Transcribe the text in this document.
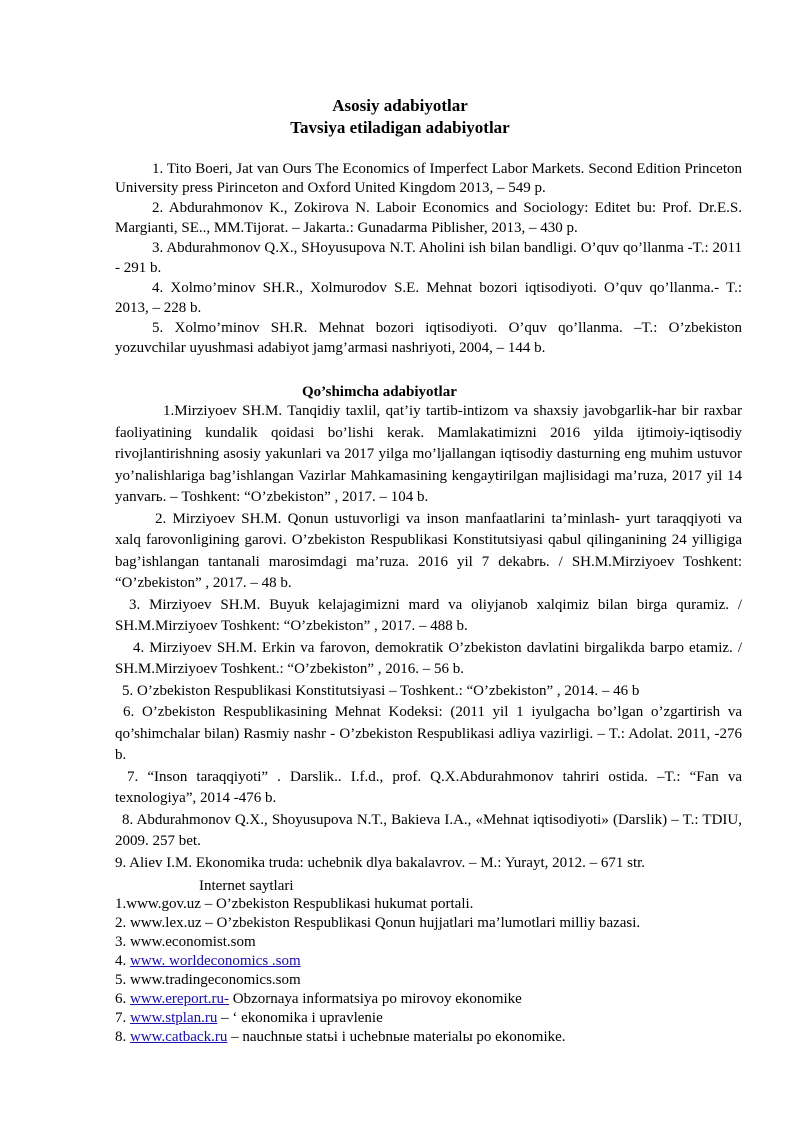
Asosiy adabiyotlar
Tavsiya etiladigan adabiyotlar

1. Tito Boeri, Jat van Ours The Economics of Imperfect Labor Markets. Second Edition Princeton University press Pirinceton and Oxford United Kingdom 2013, – 549 p.

2. Abdurahmonov K., Zokirova N. Laboir Economics and Sociology: Editet bu: Prof. Dr.E.S. Margianti, SE.., MM.Tijorat. – Jakarta.: Gunadarma Piblisher, 2013, – 430 p.

3. Abdurahmonov Q.X., SHoyusupova N.T. Aholini ish bilan bandligi. O’quv qo’llanma -T.: 2011 - 291 b.

4. Xolmo’minov SH.R., Xolmurodov S.E. Mehnat bozori iqtisodiyoti. O’quv qo’llanma.- T.: 2013, – 228 b.

5. Xolmo’minov SH.R. Mehnat bozori iqtisodiyoti. O’quv qo’llanma. –T.: O’zbekiston yozuvchilar uyushmasi adabiyot jamg’armasi nashriyoti, 2004, – 144 b.

Qo’shimcha adabiyotlar

1.Mirziyoev SH.M. Tanqidiy taxlil, qat’iy tartib-intizom va shaxsiy javobgarlik-har bir raxbar faoliyatining kundalik qoidasi bo’lishi kerak. Mamlakatimizni 2016 yilda ijtimoiy-iqtisodiy rivojlantirishning asosiy yakunlari va 2017 yilga mo’ljallangan iqtisodiy dasturning eng muhim ustuvor yo’nalishlariga bag’ishlangan Vazirlar Mahkamasining kengaytirilgan majlisidagi ma’ruza, 2017 yil 14 yanvarь. – Toshkent: “O’zbekiston” , 2017. – 104 b.

2. Mirziyoev SH.M. Qonun ustuvorligi va inson manfaatlarini ta’minlash- yurt taraqqiyoti va xalq farovonligining garovi. O’zbekiston Respublikasi Konstitutsiyasi qabul qilinganining 24 yilligiga bag’ishlangan tantanali marosimdagi ma’ruza. 2016 yil 7 dekabrь. / SH.M.Mirziyoev Toshkent: “O’zbekiston” , 2017. – 48 b.

3. Mirziyoev SH.M. Buyuk kelajagimizni mard va oliyjanob xalqimiz bilan birga quramiz. / SH.M.Mirziyoev Toshkent: “O’zbekiston” , 2017. – 488 b.

4. Mirziyoev SH.M. Erkin va farovon, demokratik O’zbekiston davlatini birgalikda barpo etamiz. / SH.M.Mirziyoev Toshkent.: “O’zbekiston” , 2016. – 56 b.

5. O’zbekiston Respublikasi Konstitutsiyasi – Toshkent.: “O’zbekiston” , 2014. – 46 b

6. O’zbekiston Respublikasining Mehnat Kodeksi: (2011 yil 1 iyulgacha bo’lgan o’zgartirish va qo’shimchalar bilan) Rasmiy nashr - O’zbekiston Respublikasi adliya vazirligi. – T.: Adolat. 2011, -276 b.

7. “Inson taraqqiyoti” . Darslik.. I.f.d., prof. Q.X.Abdurahmonov tahriri ostida. –T.: “Fan va texnologiya”, 2014 -476 b.

8. Abdurahmonov Q.X., Shoyusupova N.T., Bakieva I.A., «Mehnat iqtisodiyoti» (Darslik) – T.: TDIU, 2009. 257 bet.

9. Aliev I.M. Ekonomika truda: uchebnik dlya bakalavrov. – M.: Yurayt, 2012. – 671 str.

Internet saytlari
1.www.gov.uz – O’zbekiston Respublikasi hukumat portali.
2. www.lex.uz – O’zbekiston Respublikasi Qonun hujjatlari ma’lumotlari milliy bazasi.
3. www.economist.som
4. www. worldeconomics .som
5. www.tradingeconomics.som
6. www.ereport.ru- Obzornaya informatsiya po mirovoy ekonomike
7. www.stplan.ru – ‘ ekonomika i upravlenie
8. www.catback.ru – nauchnыe statьi i uchebnыe materialы po ekonomike.
